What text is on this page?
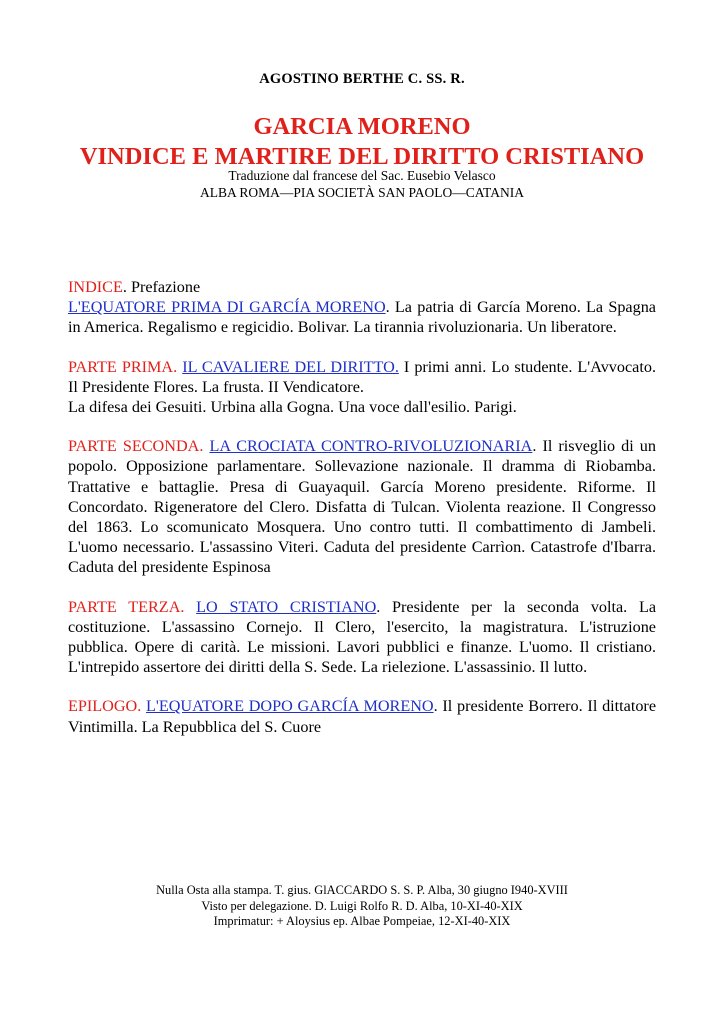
AGOSTINO BERTHE C. SS. R.
GARCIA MORENO
VINDICE E MARTIRE DEL DIRITTO CRISTIANO
Traduzione dal francese del Sac. Eusebio Velasco
ALBA ROMA—PIA SOCIETÀ SAN PAOLO—CATANIA

INDICE. Prefazione
L'EQUATORE PRIMA DI GARCÍA MORENO. La patria di García Moreno. La Spagna in America. Regalismo e regicidio. Bolivar. La tirannia rivoluzionaria. Un liberatore.

PARTE PRIMA. IL CAVALIERE DEL DIRITTO. I primi anni. Lo studente. L'Avvocato. Il Presidente Flores. La frusta. II Vendicatore.
La difesa dei Gesuiti. Urbina alla Gogna. Una voce dall'esilio. Parigi.

PARTE SECONDA. LA CROCIATA CONTRO-RIVOLUZIONARIA. Il risveglio di un popolo. Opposizione parlamentare. Sollevazione nazionale. Il dramma di Riobamba. Trattative e battaglie. Presa di Guayaquil. García Moreno presidente. Riforme. Il Concordato. Rigeneratore del Clero. Disfatta di Tulcan. Violenta reazione. Il Congresso del 1863. Lo scomunicato Mosquera. Uno contro tutti. Il combattimento di Jambeli. L'uomo necessario. L'assassino Viteri. Caduta del presidente Carrìon. Catastrofe d'Ibarra. Caduta del presidente Espinosa

PARTE TERZA. LO STATO CRISTIANO. Presidente per la seconda volta. La costituzione. L'assassino Cornejo. Il Clero, l'esercito, la magistratura. L'istruzione pubblica. Opere di carità. Le missioni. Lavori pubblici e finanze. L'uomo. Il cristiano. L'intrepido assertore dei diritti della S. Sede. La rielezione. L'assassinio. Il lutto.

EPILOGO. L'EQUATORE DOPO GARCÍA MORENO. Il presidente Borrero. Il dittatore Vintimilla. La Repubblica del S. Cuore

Nulla Osta alla stampa. T. gius. GlACCARDO S. S. P. Alba, 30 giugno I940-XVIII
Visto per delegazione. D. Luigi Rolfo R. D. Alba, 10-XI-40-XIX
Imprimatur: + Aloysius ep. Albae Pompeiae, 12-XI-40-XIX
